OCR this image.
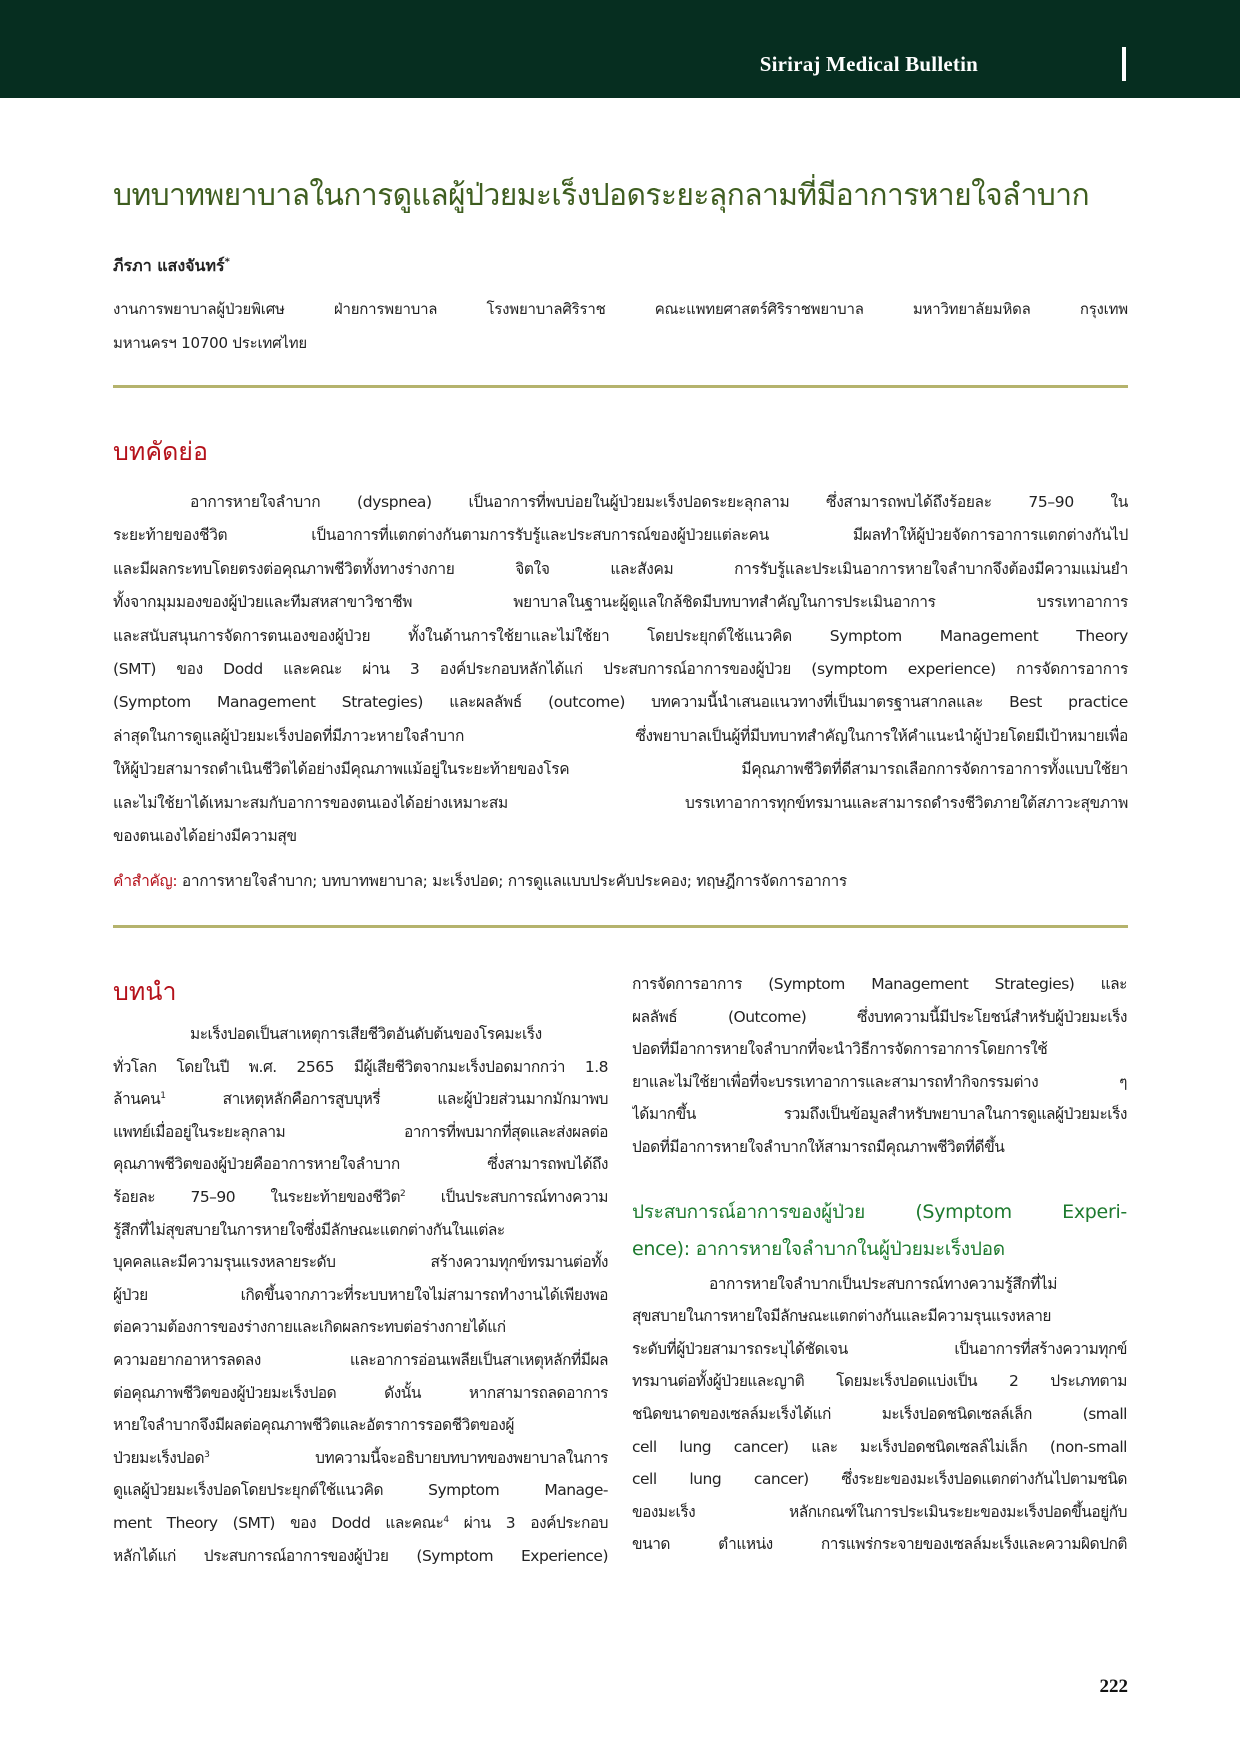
Siriraj Medical Bulletin
บทบาทพยาบาลในการดูแลผู้ป่วยมะเร็งปอดระยะลุกลามที่มีอาการหายใจลำบาก
ภีรภา แสงจันทร์*
งานการพยาบาลผู้ป่วยพิเศษ ฝ่ายการพยาบาล โรงพยาบาลศิริราช คณะแพทยศาสตร์ศิริราชพยาบาล มหาวิทยาลัยมหิดล กรุงเทพ
มหานครฯ 10700 ประเทศไทย
บทคัดย่อ
อาการหายใจลำบาก (dyspnea) เป็นอาการที่พบบ่อยในผู้ป่วยมะเร็งปอดระยะลุกลาม ซึ่งสามารถพบได้ถึงร้อยละ 75–90 ใน
ระยะท้ายของชีวิต เป็นอาการที่แตกต่างกันตามการรับรู้และประสบการณ์ของผู้ป่วยแต่ละคน มีผลทำให้ผู้ป่วยจัดการอาการแตกต่างกันไป
และมีผลกระทบโดยตรงต่อคุณภาพชีวิตทั้งทางร่างกาย จิตใจ และสังคม การรับรู้และประเมินอาการหายใจลำบากจึงต้องมีความแม่นยำ
ทั้งจากมุมมองของผู้ป่วยและทีมสหสาขาวิชาชีพ พยาบาลในฐานะผู้ดูแลใกล้ชิดมีบทบาทสำคัญในการประเมินอาการ บรรเทาอาการ
และสนับสนุนการจัดการตนเองของผู้ป่วย ทั้งในด้านการใช้ยาและไม่ใช้ยา โดยประยุกต์ใช้แนวคิด Symptom Management Theory
(SMT) ของ Dodd และคณะ ผ่าน 3 องค์ประกอบหลักได้แก่ ประสบการณ์อาการของผู้ป่วย (symptom experience) การจัดการอาการ
(Symptom Management Strategies) และผลลัพธ์ (outcome) บทความนี้นำเสนอแนวทางที่เป็นมาตรฐานสากลและ Best practice
ล่าสุดในการดูแลผู้ป่วยมะเร็งปอดที่มีภาวะหายใจลำบาก ซึ่งพยาบาลเป็นผู้ที่มีบทบาทสำคัญในการให้คำแนะนำผู้ป่วยโดยมีเป้าหมายเพื่อ
ให้ผู้ป่วยสามารถดำเนินชีวิตได้อย่างมีคุณภาพแม้อยู่ในระยะท้ายของโรค มีคุณภาพชีวิตที่ดีสามารถเลือกการจัดการอาการทั้งแบบใช้ยา
และไม่ใช้ยาได้เหมาะสมกับอาการของตนเองได้อย่างเหมาะสม บรรเทาอาการทุกข์ทรมานและสามารถดำรงชีวิตภายใต้สภาวะสุขภาพ
ของตนเองได้อย่างมีความสุข
คำสำคัญ: อาการหายใจลำบาก; บทบาทพยาบาล; มะเร็งปอด; การดูแลแบบประคับประคอง; ทฤษฎีการจัดการอาการ
บทนำ
มะเร็งปอดเป็นสาเหตุการเสียชีวิตอันดับต้นของโรคมะเร็ง
ทั่วโลก โดยในปี พ.ศ. 2565 มีผู้เสียชีวิตจากมะเร็งปอดมากกว่า 1.8
ล้านคน$^1$ สาเหตุหลักคือการสูบบุหรี่ และผู้ป่วยส่วนมากมักมาพบ
แพทย์เมื่ออยู่ในระยะลุกลาม อาการที่พบมากที่สุดและส่งผลต่อ
คุณภาพชีวิตของผู้ป่วยคืออาการหายใจลำบาก ซึ่งสามารถพบได้ถึง
ร้อยละ 75–90 ในระยะท้ายของชีวิต$^2$ เป็นประสบการณ์ทางความ
รู้สึกที่ไม่สุขสบายในการหายใจซึ่งมีลักษณะแตกต่างกันในแต่ละ
บุคคลและมีความรุนแรงหลายระดับ สร้างความทุกข์ทรมานต่อทั้ง
ผู้ป่วย เกิดขึ้นจากภาวะที่ระบบหายใจไม่สามารถทำงานได้เพียงพอ
ต่อความต้องการของร่างกายและเกิดผลกระทบต่อร่างกายได้แก่
ความอยากอาหารลดลง และอาการอ่อนเพลียเป็นสาเหตุหลักที่มีผล
ต่อคุณภาพชีวิตของผู้ป่วยมะเร็งปอด ดังนั้น หากสามารถลดอาการ
หายใจลำบากจึงมีผลต่อคุณภาพชีวิตและอัตราการรอดชีวิตของผู้
ป่วยมะเร็งปอด$^3$ บทความนี้จะอธิบายบทบาทของพยาบาลในการ
ดูแลผู้ป่วยมะเร็งปอดโดยประยุกต์ใช้แนวคิด Symptom Manage-
ment Theory (SMT) ของ Dodd และคณะ$^4$ ผ่าน 3 องค์ประกอบ
หลักได้แก่ ประสบการณ์อาการของผู้ป่วย (Symptom Experience)
การจัดการอาการ (Symptom Management Strategies) และ
ผลลัพธ์ (Outcome) ซึ่งบทความนี้มีประโยชน์สำหรับผู้ป่วยมะเร็ง
ปอดที่มีอาการหายใจลำบากที่จะนำวิธีการจัดการอาการโดยการใช้
ยาและไม่ใช้ยาเพื่อที่จะบรรเทาอาการและสามารถทำกิจกรรมต่าง ๆ
ได้มากขึ้น รวมถึงเป็นข้อมูลสำหรับพยาบาลในการดูแลผู้ป่วยมะเร็ง
ปอดที่มีอาการหายใจลำบากให้สามารถมีคุณภาพชีวิตที่ดีขึ้น
ประสบการณ์อาการของผู้ป่วย (Symptom Experi-
ence): อาการหายใจลำบากในผู้ป่วยมะเร็งปอด
อาการหายใจลำบากเป็นประสบการณ์ทางความรู้สึกที่ไม่
สุขสบายในการหายใจมีลักษณะแตกต่างกันและมีความรุนแรงหลาย
ระดับที่ผู้ป่วยสามารถระบุได้ชัดเจน เป็นอาการที่สร้างความทุกข์
ทรมานต่อทั้งผู้ป่วยและญาติ โดยมะเร็งปอดแบ่งเป็น 2 ประเภทตาม
ชนิดขนาดของเซลล์มะเร็งได้แก่ มะเร็งปอดชนิดเซลล์เล็ก (small
cell lung cancer) และ มะเร็งปอดชนิดเซลล์ไม่เล็ก (non-small
cell lung cancer) ซึ่งระยะของมะเร็งปอดแตกต่างกันไปตามชนิด
ของมะเร็ง หลักเกณฑ์ในการประเมินระยะของมะเร็งปอดขึ้นอยู่กับ
ขนาด ตำแหน่ง การแพร่กระจายของเซลล์มะเร็งและความผิดปกติ
222
